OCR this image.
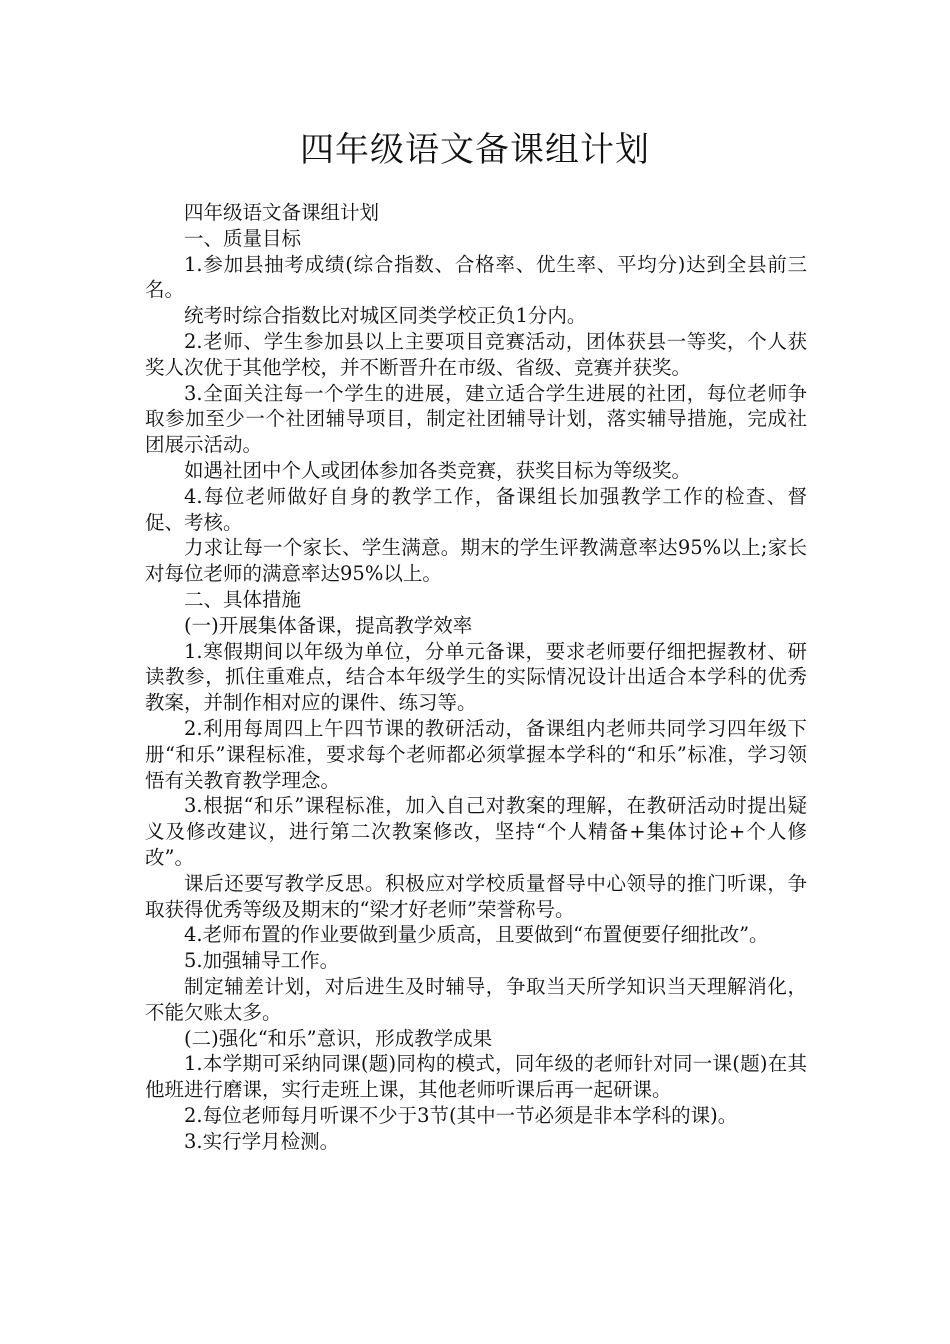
四年级语文备课组计划

四年级语文备课组计划

一、质量目标

1.参加县抽考成绩(综合指数、合格率、优生率、平均分)达到全县前三名。

统考时综合指数比对城区同类学校正负1分内。

2.老师、学生参加县以上主要项目竞赛活动，团体获县一等奖，个人获奖人次优于其他学校，并不断晋升在市级、省级、竞赛并获奖。

3.全面关注每一个学生的进展，建立适合学生进展的社团，每位老师争取参加至少一个社团辅导项目，制定社团辅导计划，落实辅导措施，完成社团展示活动。

如遇社团中个人或团体参加各类竞赛，获奖目标为等级奖。

4.每位老师做好自身的教学工作，备课组长加强教学工作的检查、督促、考核。

力求让每一个家长、学生满意。期末的学生评教满意率达95%以上;家长对每位老师的满意率达95%以上。

二、具体措施

(一)开展集体备课，提高教学效率

1.寒假期间以年级为单位，分单元备课，要求老师要仔细把握教材、研读教参，抓住重难点，结合本年级学生的实际情况设计出适合本学科的优秀教案，并制作相对应的课件、练习等。

2.利用每周四上午四节课的教研活动，备课组内老师共同学习四年级下册“和乐”课程标准，要求每个老师都必须掌握本学科的“和乐”标准，学习领悟有关教育教学理念。

3.根据“和乐”课程标准，加入自己对教案的理解，在教研活动时提出疑义及修改建议，进行第二次教案修改，坚持“个人精备+集体讨论+个人修改”。

课后还要写教学反思。积极应对学校质量督导中心领导的推门听课，争取获得优秀等级及期末的“梁才好老师”荣誉称号。

4.老师布置的作业要做到量少质高，且要做到“布置便要仔细批改”。

5.加强辅导工作。

制定辅差计划，对后进生及时辅导，争取当天所学知识当天理解消化，不能欠账太多。

(二)强化“和乐”意识，形成教学成果

1.本学期可采纳同课(题)同构的模式，同年级的老师针对同一课(题)在其他班进行磨课，实行走班上课，其他老师听课后再一起研课。

2.每位老师每月听课不少于3节(其中一节必须是非本学科的课)。

3.实行学月检测。
